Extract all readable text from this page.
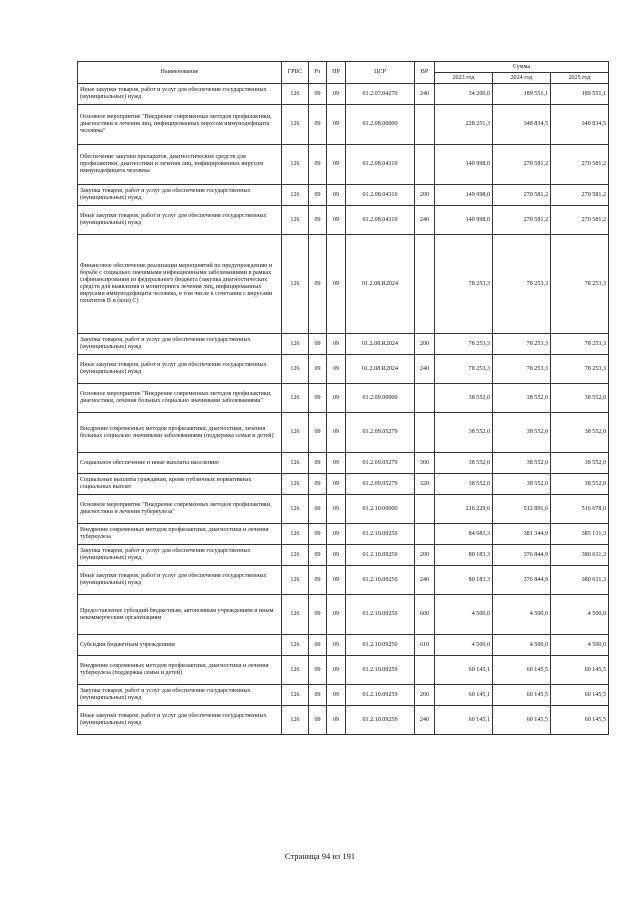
Наименование	ГРБС	Рз	ПР	ЦСР	ВР	Сумма		
						2023 год	2024 год	2025 год
Иные закупки товаров, работ и услуг для обеспечения государственных (муниципальных) нужд	126	09	09	01.2.07.04270	240	34 200,0	189 551,1	189 551,1
Основное мероприятие "Внедрение современных методов профилактики, диагностики и лечения лиц, инфицированных вирусом иммунодефицита человека"	126	09	09	01.2.08.00000		228 251,3	348 834,5	348 834,5
Обеспечение закупки препаратов, диагностических средств для профилактики, диагностики и лечения лиц, инфицированных вирусом иммунодефицита человека	126	09	09	01.2.08.04310		149 998,0	270 581,2	270 581,2
Закупка товаров, работ и услуг для обеспечения государственных (муниципальных) нужд	126	09	09	01.2.08.04310	200	149 998,0	270 581,2	270 581,2
Иные закупки товаров, работ и услуг для обеспечения государственных (муниципальных) нужд	126	09	09	01.2.08.04310	240	149 998,0	270 581,2	270 581,2
Финансовое обеспечение реализации мероприятий по предупреждению и борьбе с социально значимыми инфекционными заболеваниями в рамках софинансирования из федерального бюджета (закупка диагностических средств для выявления и мониторинга лечения лиц, инфицированных вирусами иммунодефицита человека, в том числе в сочетании с вирусами гепатитов В и (или) С)	126	09	09	01.2.08.R2024		78 253,3	78 253,3	78 253,3
Закупка товаров, работ и услуг для обеспечения государственных (муниципальных) нужд	126	09	09	01.2.08.R2024	200	78 253,3	78 253,3	78 253,3
Иные закупки товаров, работ и услуг для обеспечения государственных (муниципальных) нужд	126	09	09	01.2.08.R2024	240	78 253,3	78 253,3	78 253,3
Основное мероприятие "Внедрение современных методов профилактики, диагностики, лечения больных социально значимыми заболеваниями"	126	09	09	01.2.09.00000		38 552,0	38 552,0	38 552,0
Внедрение современных методов профилактики, диагностики, лечения больных социально значимыми заболеваниями (поддержка семьи и детей)	126	09	09	01.2.09.05279		38 552,0	38 552,0	38 552,0
Социальное обеспечение и иные выплаты населению	126	09	09	01.2.09.05279	300	38 552,0	38 552,0	38 552,0
Социальные выплаты гражданам, кроме публичных нормативных социальных выплат	126	09	09	01.2.09.05279	320	38 552,0	38 552,0	38 552,0
Основное мероприятие "Внедрение современных методов профилактики, диагностики и лечения туберкулеза"	126	09	09	01.2.10.00000		216 229,6	512 891,6	516 678,0
Внедрение современных методов профилактики, диагностики и лечения туберкулеза	126	09	09	01.2.10.09250		84 683,3	381 344,9	385 131,3
Закупка товаров, работ и услуг для обеспечения государственных (муниципальных) нужд	126	09	09	01.2.10.09250	200	80 183,3	376 844,9	380 631,3
Иные закупки товаров, работ и услуг для обеспечения государственных (муниципальных) нужд	126	09	09	01.2.10.09250	240	80 183,3	376 844,9	380 631,3
Предоставление субсидий бюджетным, автономным учреждениям и иным некоммерческим организациям	126	09	09	01.2.10.09250	600	4 500,0	4 500,0	4 500,0
Субсидии бюджетным учреждениям	126	09	09	01.2.10.09250	610	4 500,0	4 500,0	4 500,0
Внедрение современных методов профилактики, диагностики и лечения туберкулеза (поддержка семьи и детей)	126	09	09	01.2.10.09259		60 145,1	60 145,5	60 145,5
Закупка товаров, работ и услуг для обеспечения государственных (муниципальных) нужд	126	09	09	01.2.10.09259	200	60 145,1	60 145,5	60 145,5
Иные закупки товаров, работ и услуг для обеспечения государственных (муниципальных) нужд	126	09	09	01.2.10.09259	240	60 145,1	60 145,5	60 145,5
Страница 94 из 191
